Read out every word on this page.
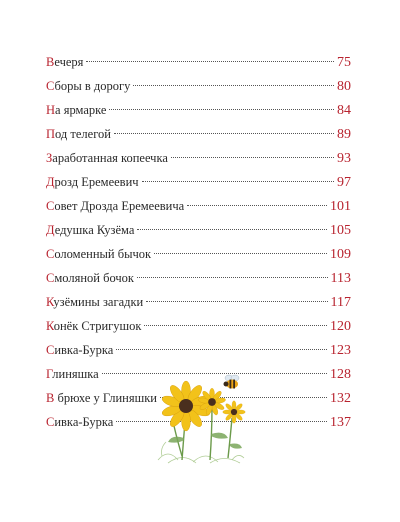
Вечеря	75
Сборы в дорогу	80
На ярмарке	84
Под телегой	89
Заработанная копеечка	93
Дрозд Еремеевич	97
Совет Дрозда Еремеевича	101
Дедушка Кузёма	105
Соломенный бычок	109
Смоляной бочок	113
Кузёмины загадки	117
Конёк Стригушок	120
Сивка-Бурка	123
Глиняшка	128
В брюхе у Глиняшки	132
Сивка-Бурка	137
